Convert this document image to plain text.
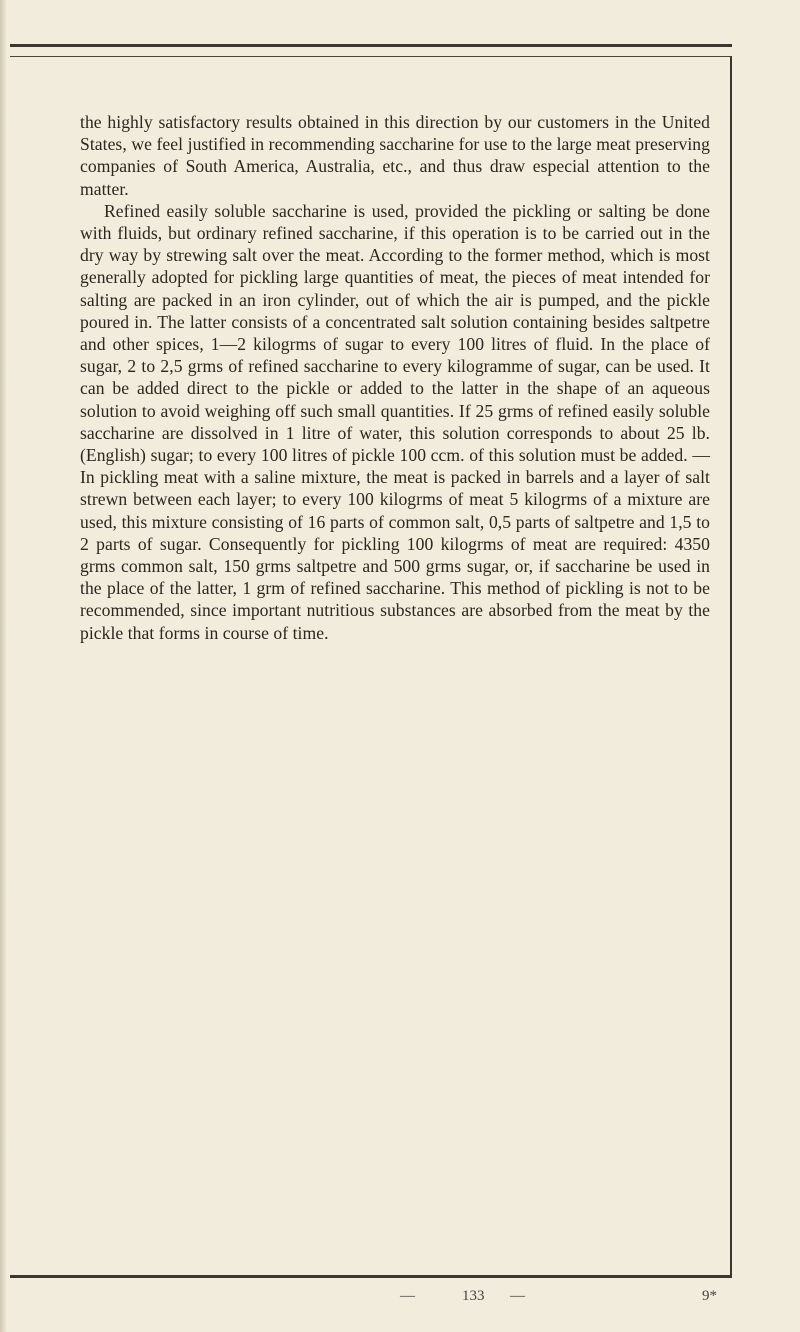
the highly satisfactory results obtained in this direction by our customers in the United States, we feel justified in recommending saccharine for use to the large meat preserving companies of South America, Australia, etc., and thus draw especial attention to the matter.

Refined easily soluble saccharine is used, provided the pickling or salting be done with fluids, but ordinary refined saccharine, if this operation is to be carried out in the dry way by strewing salt over the meat. According to the former method, which is most generally adopted for pickling large quantities of meat, the pieces of meat intended for salting are packed in an iron cylinder, out of which the air is pumped, and the pickle poured in. The latter consists of a concentrated salt solution containing besides saltpetre and other spices, 1—2 kilogrms of sugar to every 100 litres of fluid. In the place of sugar, 2 to 2,5 grms of refined saccharine to every kilogramme of sugar, can be used. It can be added direct to the pickle or added to the latter in the shape of an aqueous solution to avoid weighing off such small quantities. If 25 grms of refined easily soluble saccharine are dissolved in 1 litre of water, this solution corresponds to about 25 lb. (English) sugar; to every 100 litres of pickle 100 ccm. of this solution must be added. — In pickling meat with a saline mixture, the meat is packed in barrels and a layer of salt strewn between each layer; to every 100 kilogrms of meat 5 kilogrms of a mixture are used, this mixture consisting of 16 parts of common salt, 0,5 parts of saltpetre and 1,5 to 2 parts of sugar. Consequently for pickling 100 kilogrms of meat are required: 4350 grms common salt, 150 grms saltpetre and 500 grms sugar, or, if saccharine be used in the place of the latter, 1 grm of refined saccharine. This method of pickling is not to be recommended, since important nutritious substances are absorbed from the meat by the pickle that forms in course of time.

—	133 —	9*
